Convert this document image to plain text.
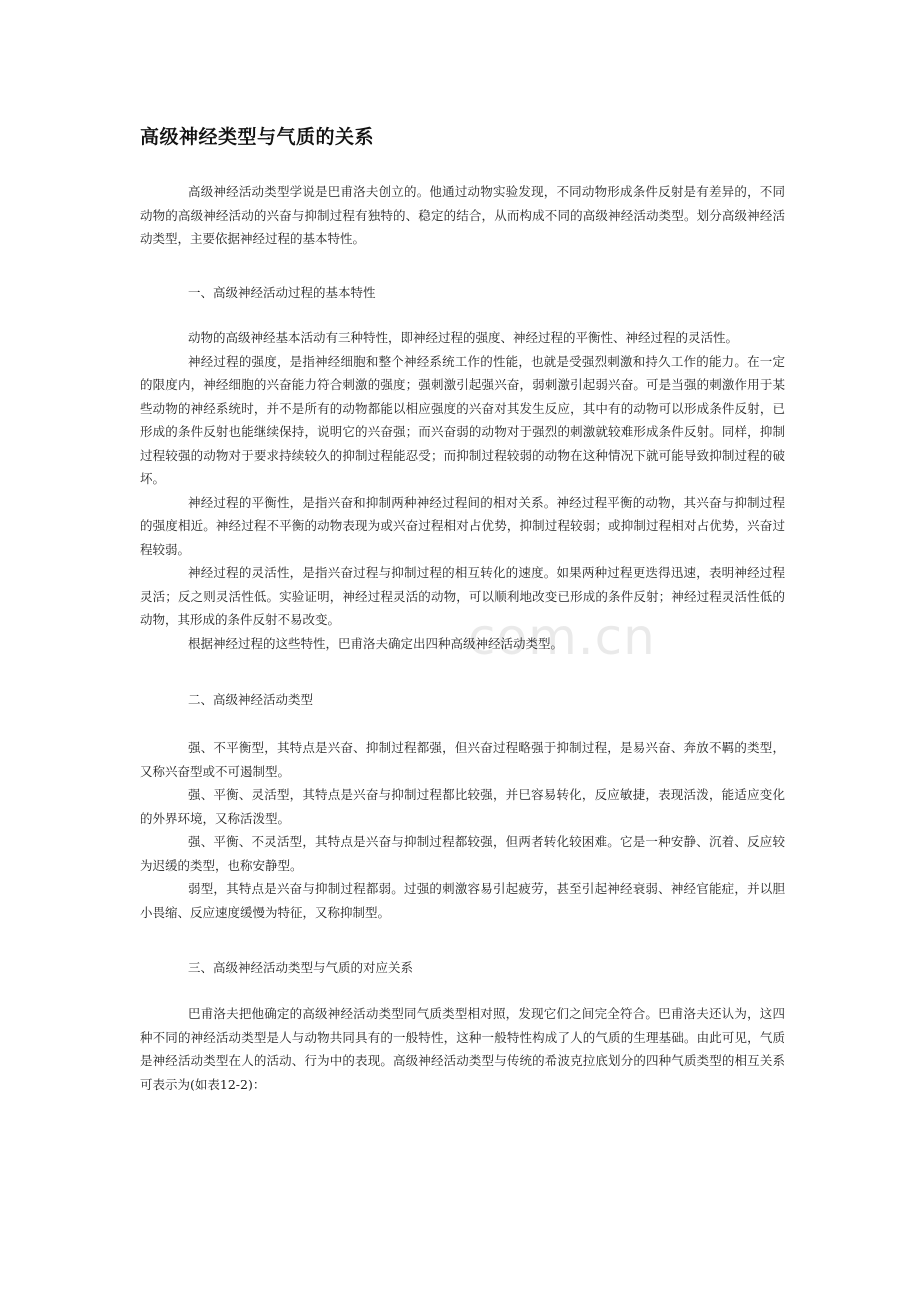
高级神经类型与气质的关系

高级神经活动类型学说是巴甫洛夫创立的。他通过动物实验发现，不同动物形成条件反射是有差异的，不同动物的高级神经活动的兴奋与抑制过程有独特的、稳定的结合，从而构成不同的高级神经活动类型。划分高级神经活动类型，主要依据神经过程的基本特性。

一、高级神经活动过程的基本特性

动物的高级神经基本活动有三种特性，即神经过程的强度、神经过程的平衡性、神经过程的灵活性。

神经过程的强度，是指神经细胞和整个神经系统工作的性能，也就是受强烈刺激和持久工作的能力。在一定的限度内，神经细胞的兴奋能力符合刺激的强度；强刺激引起强兴奋，弱刺激引起弱兴奋。可是当强的刺激作用于某些动物的神经系统时，并不是所有的动物都能以相应强度的兴奋对其发生反应，其中有的动物可以形成条件反射，已形成的条件反射也能继续保持，说明它的兴奋强；而兴奋弱的动物对于强烈的刺激就较难形成条件反射。同样，抑制过程较强的动物对于要求持续较久的抑制过程能忍受；而抑制过程较弱的动物在这种情况下就可能导致抑制过程的破坏。

神经过程的平衡性，是指兴奋和抑制两种神经过程间的相对关系。神经过程平衡的动物，其兴奋与抑制过程的强度相近。神经过程不平衡的动物表现为或兴奋过程相对占优势，抑制过程较弱；或抑制过程相对占优势，兴奋过程较弱。

神经过程的灵活性，是指兴奋过程与抑制过程的相互转化的速度。如果两种过程更迭得迅速，表明神经过程灵活；反之则灵活性低。实验证明，神经过程灵活的动物，可以顺利地改变已形成的条件反射；神经过程灵活性低的动物，其形成的条件反射不易改变。

根据神经过程的这些特性，巴甫洛夫确定出四种高级神经活动类型。

二、高级神经活动类型

强、不平衡型，其特点是兴奋、抑制过程都强，但兴奋过程略强于抑制过程，是易兴奋、奔放不羁的类型，又称兴奋型或不可遏制型。

强、平衡、灵活型，其特点是兴奋与抑制过程都比较强，并巳容易转化，反应敏捷，表现活泼，能适应变化的外界环境，又称活泼型。

强、平衡、不灵活型，其特点是兴奋与抑制过程都较强，但两者转化较困难。它是一种安静、沉着、反应较为迟缓的类型，也称安静型。

弱型，其特点是兴奋与抑制过程都弱。过强的刺激容易引起疲劳，甚至引起神经衰弱、神经官能症，并以胆小畏缩、反应速度缓慢为特征，又称抑制型。

三、高级神经活动类型与气质的对应关系

巴甫洛夫把他确定的高级神经活动类型同气质类型相对照，发现它们之间完全符合。巴甫洛夫还认为，这四种不同的神经活动类型是人与动物共同具有的一般特性，这种一般特性构成了人的气质的生理基础。由此可见，气质是神经活动类型在人的活动、行为中的表现。高级神经活动类型与传统的希波克拉底划分的四种气质类型的相互关系可表示为(如表12-2)：

com.cn
